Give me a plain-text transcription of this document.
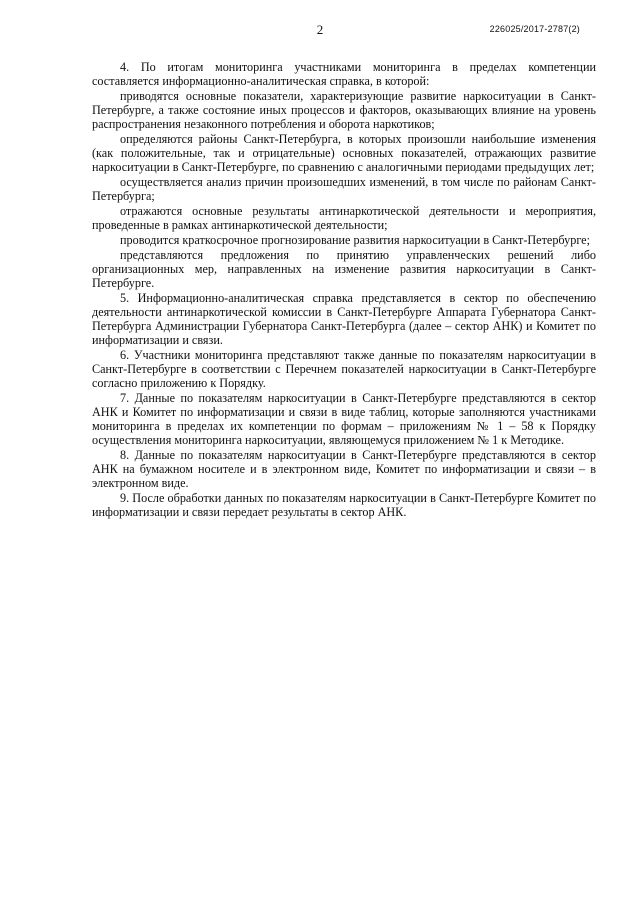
2	226025/2017-2787(2)

4. По итогам мониторинга участниками мониторинга в пределах компетенции составляется информационно-аналитическая справка, в которой:

приводятся основные показатели, характеризующие развитие наркоситуации в Санкт-Петербурге, а также состояние иных процессов и факторов, оказывающих влияние на уровень распространения незаконного потребления и оборота наркотиков;

определяются районы Санкт-Петербурга, в которых произошли наибольшие изменения (как положительные, так и отрицательные) основных показателей, отражающих развитие наркоситуации в Санкт-Петербурге, по сравнению с аналогичными периодами предыдущих лет;

осуществляется анализ причин произошедших изменений, в том числе по районам Санкт-Петербурга;

отражаются основные результаты антинаркотической деятельности и мероприятия, проведенные в рамках антинаркотической деятельности;

проводится краткосрочное прогнозирование развития наркоситуации в Санкт-Петербурге;

представляются предложения по принятию управленческих решений либо организационных мер, направленных на изменение развития наркоситуации в Санкт-Петербурге.

5. Информационно-аналитическая справка представляется в сектор по обеспечению деятельности антинаркотической комиссии в Санкт-Петербурге Аппарата Губернатора Санкт-Петербурга Администрации Губернатора Санкт-Петербурга (далее – сектор АНК) и Комитет по информатизации и связи.

6. Участники мониторинга представляют также данные по показателям наркоситуации в Санкт-Петербурге в соответствии с Перечнем показателей наркоситуации в Санкт-Петербурге согласно приложению к Порядку.

7. Данные по показателям наркоситуации в Санкт-Петербурге представляются в сектор АНК и Комитет по информатизации и связи в виде таблиц, которые заполняются участниками мониторинга в пределах их компетенции по формам – приложениям № 1 – 58 к Порядку осуществления мониторинга наркоситуации, являющемуся приложением № 1 к Методике.

8. Данные по показателям наркоситуации в Санкт-Петербурге представляются в сектор АНК на бумажном носителе и в электронном виде, Комитет по информатизации и связи – в электронном виде.

9. После обработки данных по показателям наркоситуации в Санкт-Петербурге Комитет по информатизации и связи передает результаты в сектор АНК.
